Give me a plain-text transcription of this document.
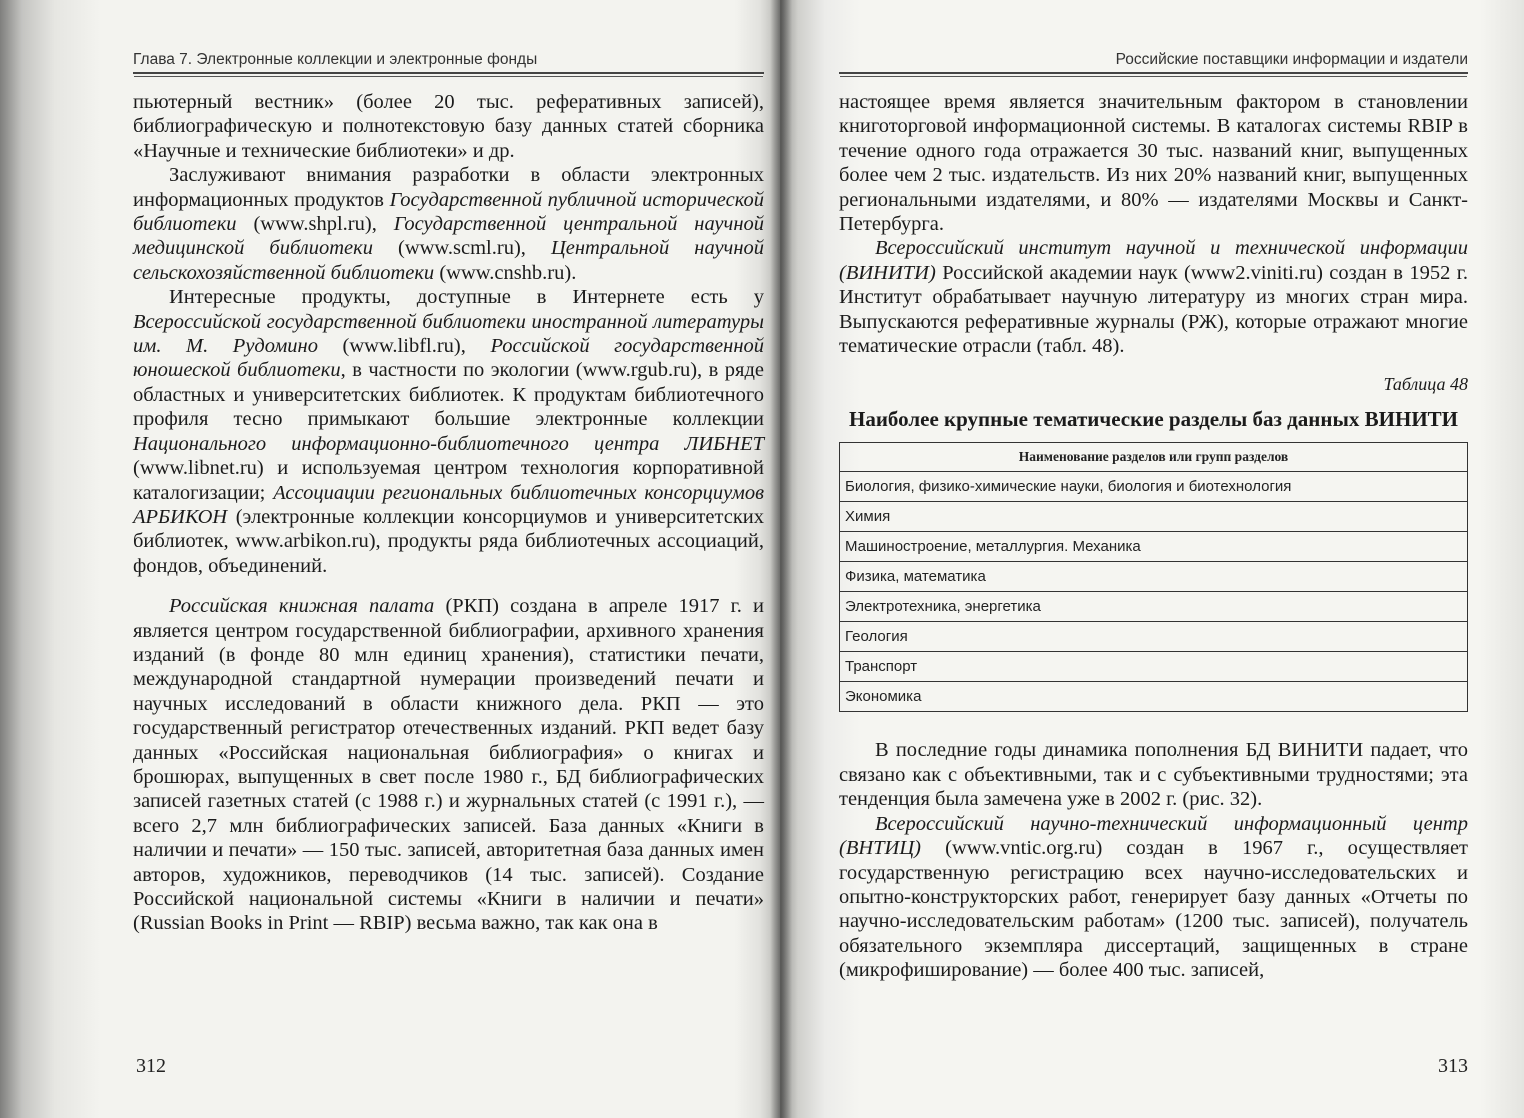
Глава 7. Электронные коллекции и электронные фонды

пьютерный вестник» (более 20 тыс. реферативных записей), библиографическую и полнотекстовую базу данных статей сборника «Научные и технические библиотеки» и др.

Заслуживают внимания разработки в области электронных информационных продуктов Государственной публичной исторической библиотеки (www.shpl.ru), Государственной центральной научной медицинской библиотеки (www.scml.ru), Центральной научной сельскохозяйственной библиотеки (www.cnshb.ru).

Интересные продукты, доступные в Интернете есть у Всероссийской государственной библиотеки иностранной литературы им. М. Рудомино (www.libfl.ru), Российской государственной юношеской библиотеки, в частности по экологии (www.rgub.ru), в ряде областных и университетских библиотек. К продуктам библиотечного профиля тесно примыкают большие электронные коллекции Национального информационно-библиотечного центра ЛИБНЕТ (www.libnet.ru) и используемая центром технология корпоративной каталогизации; Ассоциации региональных библиотечных консорциумов АРБИКОН (электронные коллекции консорциумов и университетских библиотек, www.arbikon.ru), продукты ряда библиотечных ассоциаций, фондов, объединений.

Российская книжная палата (РКП) создана в апреле 1917 г. и является центром государственной библиографии, архивного хранения изданий (в фонде 80 млн единиц хранения), статистики печати, международной стандартной нумерации произведений печати и научных исследований в области книжного дела. РКП — это государственный регистратор отечественных изданий. РКП ведет базу данных «Российская национальная библиография» о книгах и брошюрах, выпущенных в свет после 1980 г., БД библиографических записей газетных статей (с 1988 г.) и журнальных статей (с 1991 г.), — всего 2,7 млн библиографических записей. База данных «Книги в наличии и печати» — 150 тыс. записей, авторитетная база данных имен авторов, художников, переводчиков (14 тыс. записей). Создание Российской национальной системы «Книги в наличии и печати» (Russian Books in Print — RBIP) весьма важно, так как она в

312
Российские поставщики информации и издатели

настоящее время является значительным фактором в становлении книготорговой информационной системы. В каталогах системы RBIP в течение одного года отражается 30 тыс. названий книг, выпущенных более чем 2 тыс. издательств. Из них 20% названий книг, выпущенных региональными издателями, и 80% — издателями Москвы и Санкт-Петербурга.

Всероссийский институт научной и технической информации (ВИНИТИ) Российской академии наук (www2.viniti.ru) создан в 1952 г. Институт обрабатывает научную литературу из многих стран мира. Выпускаются реферативные журналы (РЖ), которые отражают многие тематические отрасли (табл. 48).

Таблица 48
Наиболее крупные тематические разделы баз данных ВИНИТИ
Наименование разделов или групп разделов
Биология, физико-химические науки, биология и биотехнология
Химия
Машиностроение, металлургия. Механика
Физика, математика
Электротехника, энергетика
Геология
Транспорт
Экономика

В последние годы динамика пополнения БД ВИНИТИ падает, что связано как с объективными, так и с субъективными трудностями; эта тенденция была замечена уже в 2002 г. (рис. 32).

Всероссийский научно-технический информационный центр (ВНТИЦ) (www.vntic.org.ru) создан в 1967 г., осуществляет государственную регистрацию всех научно-исследовательских и опытно-конструкторских работ, генерирует базу данных «Отчеты по научно-исследовательским работам» (1200 тыс. записей), получатель обязательного экземпляра диссертаций, защищенных в стране (микрофиширование) — более 400 тыс. записей,

313
